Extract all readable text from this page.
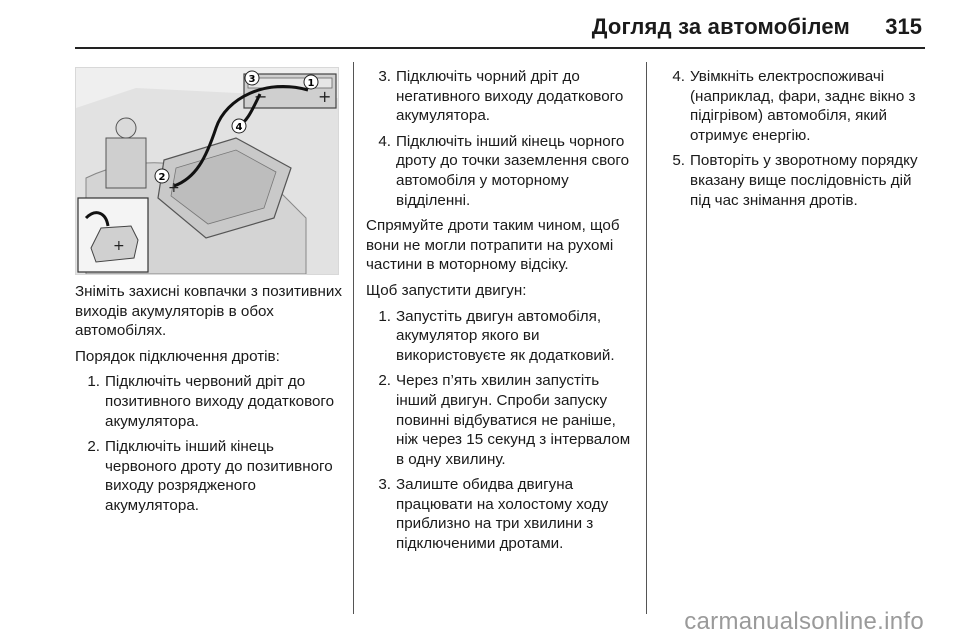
Догляд за автомобілем 315
+
−
+
3	1
4
2
+

Зніміть захисні ковпачки з позитивних виходів акумуляторів в обох автомобілях.

Порядок підключення дротів:

1. Підключіть червоний дріт до позитивного виходу додаткового акумулятора.
2. Підключіть інший кінець червоного дроту до позитивного виходу розрядженого акумулятора.
3. Підключіть чорний дріт до негативного виходу додаткового акумулятора.
4. Підключіть інший кінець чорного дроту до точки заземлення свого автомобіля у моторному відділенні.

Спрямуйте дроти таким чином, щоб вони не могли потрапити на рухомі частини в моторному відсіку.

Щоб запустити двигун:

1. Запустіть двигун автомобіля, акумулятор якого ви використовуєте як додатковий.
2. Через п’ять хвилин запустіть інший двигун. Спроби запуску повинні відбуватися не раніше, ніж через 15 секунд з інтервалом в одну хвилину.
3. Залиште обидва двигуна працювати на холостому ходу приблизно на три хвилини з підключеними дротами.
4. Увімкніть електроспоживачі (наприклад, фари, заднє вікно з підігрівом) автомобіля, який отримує енергію.
5. Повторіть у зворотному порядку вказану вище послідовність дій під час знімання дротів.
carmanualsonline.info
